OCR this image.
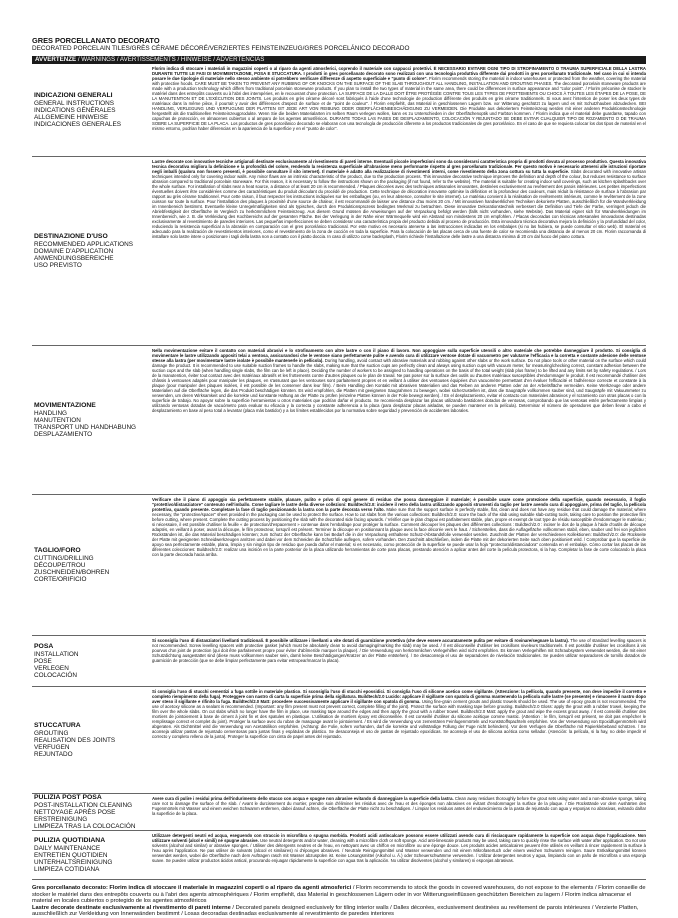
GRES PORCELLANATO DECORATO
DECORATED PORCELAIN TILES/GRÈS CÉRAME DÉCORÉ/VERZIERTES FEINSTEINZEUG/GRES PORCELÁNICO DECORADO
AVVERTENZE / WARNINGS / AVERTISSEMENTS / HINWEISE / ADVERTENCIAS
INDICAZIONI GENERALI
GENERAL INSTRUCTIONS
INDICATIONS GÉNÉRALES
ALLGEMEINE HINWEISE
INDICACIONES GENERALES
Florim indica di stoccare i materiali in magazzini coperti o al riparo da agenti atmosferici, coprendo il materiale con cappucci protettivi. È NECESSARIO EVITARE OGNI TIPO DI STROFINAMENTO O TRAUMA SUPERFICIALE DELLA LASTRA DURANTE TUTTE LE FASI DI MOVIMENTAZIONE, POSA E STUCCATURA. I prodotti in gres porcellanato decorato sono realizzati con una tecnologia produttiva differente dai prodotti in gres porcellanato tradizionale. Nel caso in cui si intenda posare le due tipologie di materiale nello stesso ambiente si potrebbero verificare differenze di aspetto superficiale e "punto di colore". Florim recommends storing the material in indoor warehouses or protected from the weather, covering the material with protective hoods. CARE MUST BE TAKEN TO PREVENT ANY RUBBING OF OR KNOCKS ON THE SURFACE OF THE SLAB THROUGHOUT ALL HANDLING, INSTALLATION AND GROUTING PHASES. The decorated porcelain stoneware products are made with a production technology which differs from traditional porcelain stoneware products. If you plan to install the two types of material in the same area, there could be differences in surface appearance and "color point". / Florim préconise de stocker le matériel dans des entrepôts couverts ou à l'abri des intempéries, en le recouvrant d'une protection. LA SURFACE DE LA DALLE DOIT ÊTRE PROTÉGÉE CONTRE TOUS LES TYPES DE FROTTEMENTS OU CHOCS À TOUTES LES ÉTAPES DE LA POSE, DE LA MANUTENTION ET DE L'EXÉCUTION DES JOINTS. Les produits en grès cérame décoré sont fabriqués à l'aide d'une technologie de production différente des produits en grès cérame traditionnels. Si vous avez l'intention de poser les deux types de matériaux dans la même pièce, il pourrait y avoir des différences d'aspect de surface et de "point de couleur". / Florim empfiehlt, das Material in geschlossenen Lagern bzw. vor Witterung geschützt zu lagern und es mit Schutzhauben abzudecken. BEI HANDLING, VERLEGUNG UND VERFUGUNG DER PLATTEN IST JEDE ART VON REIBUNG ODER OBERFLÄCHENBESCHÄDIGUNG ZU VERMEIDEN. Die Produkte aus dekoriertem Feinsteinzeug werden mit einer anderen Produktionstechnologie hergestellt als die traditionellen Feinsteinzeugprodukte. Wenn Sie die beiden Materialarten im selben Raum verlegen wollen, kann es zu Unterschieden in der Oberflächenoptik und Farbton kommen. / Florim indica que el material debe guardarse, tapado con capuchas de protección, en almacenes cubiertos o al amparo de los agentes atmosféricos. DURANTE TODAS LAS FASES DE DESPLAZAMIENTO, COLOCACIÓN Y REJUNTADO SE DEBE EVITAR CUALQUIER TIPO DE ROZAMIENTO O DE TRAUMA SOBRE LA SUPERFICIE DE LA PLACA. Los productos de gres porcelánico decorado se elaboran con una tecnología de producción diferente a los productos tradicionales de gres porcelánico. En el caso de que se requiera colocar los dos tipos de material en el mismo entorno, podrían haber diferencias en la apariencia de la superficie y en el "punto de color".
DESTINAZIONE D'USO
RECOMMENDED APPLICATIONS
DOMAINE D'APPLICATION
ANWENDUNGSBEREICHE
USO PREVISTO
Lastre decorate con innovative tecniche artigianali destinate esclusivamente al rivestimento di pareti interne. Eventuali piccole imperfezioni sono da considerarsi caratteristica propria di prodotti dovuta al processo produttivo. Questa innovativa tecnica decorativa migliora la definizione e la profondità del colore, rendendo la resistenza superficiale all'abrasione meno performante rispetto al gres porcellanato tradizionale. Per questo motivo è necessario attenersi alle istruzioni riportate negli imballi (qualora non fossero presenti, è possibile consultare il sito internet). Il materiale è adatto alla realizzazione di rivestimenti interni, come rivestimento della zona cottura su tutta la superficie. Slabs decorated with innovative artisan techniques intended only for covering indoor walls. Any minor flaws are an intrinsic characteristic of the product, due to the production process. This innovative decorative technique improves the definition and depth of the colour, but reduces resistance to surface abrasion compared to traditional porcelain stoneware. For this reason, it is necessary to follow the instructions shown on the packaging (if not found, refer to the website). The material is suitable for creating indoor wall coverings, such as kitchen splashbacks over the whole surface. For installation of slabs near a heat source, a distance of at least 20 cm is recommended. / Plaques décorées avec des techniques artisanales innovantes, destinées exclusivement au revêtement des parois intérieures. Les petites imperfections éventuelles doivent être considérées comme des caractéristiques du produit découlant du procédé de production. Cette technique de décoration innovante optimise la définition et la profondeur des couleurs, mais réduit la résistance de surface à l'abrasion par rapport au grès cérame traditionnel. Pour cette raison, il faut respecter les instructions indiquées sur les emballages (ou, en leur absence, consulter le site internet). Le matériau convient à la réalisation de revêtements intérieurs, comme le revêtement de la zone cuisson sur toute la surface. Pour l'installation des plaques à proximité d'une source de chaleur, il est recommandé de laisser une distance d'au moins 20 cm. / Mit innovativen handwerklichen Techniken dekorierte Platten, ausschließlich für die Wandverkleidung im Innenbereich bestimmt. Eventuelle kleine Unregelmäßigkeiten sind als typisches, durch den Produktionsprozess bedingtes Merkmal zu betrachten. Diese innovative Dekorationstechnik verbessert die Definition und Tiefe der Farbe, verringert jedoch die Abriebfestigkeit der Oberfläche im Vergleich zu herkömmlichem Feinsteinzeug. Aus diesem Grund müssen die Anweisungen auf der Verpackung befolgt werden (falls nicht vorhanden, siehe Website). Das Material eignet sich für Wandverkleidungen im Innenbereich, wie z. B. die Verkleidung des Kochbereichs auf der gesamten Fläche. Bei der Verlegung in der Nähe einer Wärmequelle wird ein Abstand von mindestens 20 cm empfohlen. / Placas decoradas con técnicas artesanales innovadoras destinadas exclusivamente al revestimiento de paredes interiores. Las pequeñas imperfecciones se deben considerar una característica propia del producto debida al proceso de producción. Esta innovadora técnica decorativa mejora la definición y la profundidad del color, reduciendo la resistencia superficial a la abrasión en comparación con el gres porcelánico tradicional. Por este motivo es necesario atenerse a las instrucciones indicadas en los embalajes (si no las hubiera, se puede consultar el sitio web). El material es adecuado para la realización de revestimientos interiores, como el revestimiento de la zona de cocción en toda la superficie. Para la colocación de las placas cerca de una fuente de calor se recomienda una distancia de al menos 20 cm. Florim raccomanda di installare solo lastre intere o posizionare i tagli della lastra non a contatto con il piatto doccia. In caso di utilizzo come backsplash, Florim richiede l'installazione delle lastre a una distanza minima di 20 cm dal fuoco del piano cottura.
MOVIMENTAZIONE
HANDLING
MANUTENTION
TRANSPORT UND HANDHABUNG
DESPLAZAMIENTO
Nella movimentazione evitare il contatto con materiali abrasivi e lo strofinamento con altre lastre o con il piano di lavoro. Non appoggiare sulla superficie utensili o altro materiale che potrebbe danneggiare il prodotto. Si consiglia di movimentare le lastre utilizzando appositi telai a ventosa, assicurandosi che le ventose siano perfettamente pulite e avendo cura di utilizzare ventose dotate di vacuometro per valutarne l'efficacia e la corretta e costante adesione delle ventose stesse alla lastra (per movimentare lastre isolate è possibile mantenerle in pellicola). During handling, avoid contact with abrasive materials and rubbing against other slabs or the work surface. Do not place tools or other material on the surface which could damage the product. It is recommended to use suitable suction frames to handle the slabs, making sure that the suction cups are perfectly clean and always using suction cups with vacuum meter, for measuring/checking correct, constant adhesion between the suction cups and the slab (when handling single slabs, the film can be left in place). Deciding the number of workers to be assigned to handling operations on the basis of the total weight (slab plus frame) to be lifted and any limits set by safety regulations. / Lors de la manutention, éviter tout contact avec des matériaux abrasifs et les frottements contre d'autres plaques ou le plan de travail. Ne pas poser sur la surface des outils ou d'autres matériaux susceptibles d'endommager le produit. Il est recommandé d'utiliser des châssis à ventouses adaptés pour manipuler les plaques, en s'assurant que les ventouses sont parfaitement propres et en veillant à utiliser des ventouses équipées d'un vacuomètre permettant d'en évaluer l'efficacité et l'adhérence correcte et constante à la plaque (pour manipuler des plaques isolées, il est possible de les conserver dans leur film). / Beim Handling den Kontakt mit abrasiven Materialien und das Reiben an anderen Platten oder an der Arbeitsfläche vermeiden. Keine Werkzeuge oder andere Materialien auf die Oberfläche legen, die das Produkt beschädigen könnten. Es wird empfohlen, die Platten mit geeigneten Saugrahmen zu bewegen, wobei sicherzustellen ist, dass die Saugnäpfe vollkommen sauber sind, und Saugnäpfe mit Vakuummeter zu verwenden, um deren Wirksamkeit und die korrekte und konstante Haftung an der Platte zu prüfen (einzelne Platten können in der Folie bewegt werden). / En el desplazamiento, evitar el contacto con materiales abrasivos y el rozamiento con otras placas o con la superficie de trabajo. No apoyar sobre la superficie herramientas u otros materiales que podrían dañar el producto. Se recomienda desplazar las placas utilizando bastidores dotados de ventosas, comprobando que las ventosas estén perfectamente limpias y utilizando ventosas dotadas de vacuómetro para evaluar su eficacia y la correcta y constante adherencia a la placa (para desplazar placas aisladas, se pueden mantener en la película). Determinar el número de operadores que deben llevar a cabo el desplazamiento en base al peso total a levantar (placa más bastidor) y a los límites establecidos por la normativa sobre seguridad y prevención de accidentes laborales.
TAGLIO/FORO
CUTTING/DRILLING
DÉCOUPE/TROU
ZUSCHNEIDEN/BOHREN
CORTE/ORIFICIO
Verificare che il piano di appoggio sia perfettamente stabile, planare, pulito e privo di ogni genere di residuo che possa danneggiare il materiale; è possibile usare come protezione della superficie, quando necessario, il foglio "protettivo/distanziatore" contenuto nell'imballo. Come tagliare le lastre della diverse collezioni: Buildtech/2.0: incidere il retro della lastra utilizzando appositi strumenti da taglio per lastre avendo cura di appoggiare, prima del taglio, la pellicola protettiva, quando presente. Completare la fase di taglio posizionando la lastra con la parte decorata verso l'alto. Make sure that the support surface is perfectly stable, flat, clean and does not have any residue that could damage the material; where necessary, the "protective/spacer" sheet provided in the packaging can be used to protect the surface. How to cut slabs from the various collections: Buildtech/2.0: score the back of the slab using suitable slab-cutting tools, taking care to position the protective film before cutting, where present. Complete the cutting process by positioning the slab with the decorated side facing upwards. / Vérifier que le plan d'appui est parfaitement stable, plan, propre et exempt de tout type de résidu susceptible d'endommager le matériau ; si nécessaire, il est possible d'utiliser la feuille « de protection/d'espacement » contenue dans l'emballage pour protéger la surface. Comment découper les plaques des différentes collections : Buildtech/2.0 : inciser le dos de la plaque à l'aide d'outils de découpe adaptés, en veillant à poser, avant la découpe, le film protecteur, lorsqu'il est présent. Terminer la découpe en positionnant la plaque avec la face décorée vers le haut. / Sicherstellen, dass die Auflagefläche vollkommen stabil, eben, sauber und frei von jeglichen Rückständen ist, die das Material beschädigen könnten; zum Schutz der Oberfläche kann bei Bedarf die in der Verpackung enthaltene Schutz-/Abstandsfolie verwendet werden. Zuschnitt der Platten der verschiedenen Kollektionen: Buildtech/2.0: die Rückseite der Platte mit geeigneten Schneidwerkzeugen anritzen und dabei vor dem Schneiden die Schutzfolie auflegen, sofern vorhanden. Den Zuschnitt abschließen, indem die Platte mit der dekorierten Seite nach oben positioniert wird. / Comprobar que la superficie de apoyo sea perfectamente estable, plana, limpia y sin ningún tipo de residuo que pueda dañar el material; si es necesario, como protección de la superficie se puede usar la hoja "protectora/distanciadora" contenida en el embalaje. Cómo cortar las placas de las diferentes colecciones: Buildtech/2.0: realizar una incisión en la parte posterior de la placa utilizando herramientas de corte para placas, prestando atención a aplicar antes del corte la película protectora, si la hay. Completar la fase de corte colocando la placa con la parte decorada hacia arriba.
POSA
INSTALLATION
POSE
VERLEGEN
COLOCACIÓN
Si sconsiglia l'uso di distanziatori livellanti tradizionali. È possibile utilizzare i livellanti a vite dotati di guarnizione protettiva (che deve essere accuratamente pulita per evitare di rovinare/segnare la lastra). The use of standard levelling spacers is not recommended. Screw levelling spacers with protective gasket (which must be absolutely clean to avoid damaging/marking the slab) may be used. / Il est déconseillé d'utiliser les croisillons niveleurs traditionnels. Il est possible d'utiliser les croisillons à vis pourvus d'un joint de protection (qui doit être parfaitement propre pour éviter d'abîmer/de marquer la plaque). / Die Verwendung von herkömmlichen Verlegehilfen wird nicht empfohlen. Es können Verlegehilfen mit Schraubsystem verwendet werden, die mit einer Schutzdichtung ausgestattet sind (diese muss vollkommen sauber sein, damit keine Beschädigungen/Kratzer an der Platte entstehen). / Se desaconseja el uso de separadores de nivelación tradicionales. Se pueden utilizar separadores de tornillo dotados de guarnición de protección (que se debe limpiar perfectamente para evitar estropear/marcar la placa).
STUCCATURA
GROUTING
REALISATION DES JOINTS
VERFUGEN
REJUNTADO
Si consiglia l'uso di stucchi cementizi a fuga sottile in materiale plastico. Si sconsiglia l'uso di stucchi epossidici. Si consiglia l'uso di silicone acetico come sigillante. (Attenzione: la pellicola, quando presente, non deve impedire il corretto e completo riempimento della fuga). Proteggere con nastro di carta la superficie prima della sigillatura. Buildtech/2.0 Lucido: applicare il sigillante con spatola di gomma mantenendo la pellicola sulle lastre (se presente) e rimuovere il nastro dopo aver steso il sigillante e rifinito la fuga. Buildtech/2.0 Matt: procedere successivamente applicare il sigillante con spatola di gomma. Using fine-grain cement grouts and plastic trowels should be used. The use of epoxy grouts is not recommended. The use of acetoxy silicone as a sealant is recommended. (Important: any film present must not prevent correct, complete filling of the joint). Protect the surface with masking tape before grouting. Buildtech/2.0 Gloss: apply the grout with a rubber trowel, keeping the film over the whole slabs. On cut slabs which no longer have the film in place, use masking tape around the edges and then apply the grout with a rubber trowel. Buildtech/2.0 Matt: apply the grout and wipe the excess grout away. / Il est conseillé d'utiliser des mortiers de jointoiement à base de ciment à joint fin et des spatules en plastique. L'utilisation de mortiers époxy est déconseillée. Il est conseillé d'utiliser du silicone acétique comme mastic. (Attention : le film, lorsqu'il est présent, ne doit pas empêcher le remplissage correct et complet du joint). Protéger la surface avec du ruban de masquage avant le jointoiement. / Es wird die Verwendung von zementären Feinfugenmörteln und Kunststoffspachteln empfohlen. Von der Verwendung von Epoxidfugenmörteln wird abgeraten. Als Dichtmittel wird die Verwendung von Acetatsilikon empfohlen. (Achtung: die Folie, sofern vorhanden, darf die korrekte und vollständige Füllung der Fuge nicht behindern). Vor dem Verfugen die Oberfläche mit Papierklebeband schützen. / Se aconseja utilizar pastas de rejuntado cementosas para juntas finas y espátulas de plástico. Se desaconseja el uso de pastas de rejuntado epoxídicas. Se aconseja el uso de silicona acética como sellador. (Atención: la película, si la hay, no debe impedir el correcto y completo relleno de la junta). Proteger la superficie con cinta de papel antes del rejuntado.
PULIZIA POST POSA
POST-INSTALLATION CLEANING
NETTOYAGE APRÈS POSE
ERSTREINIGUNG
LIMPIEZA TRAS LA COLOCACIÓN
Avere cura di pulire i residui prima dell'indurimento dello stucco con acqua e spugne non abrasive evitando di danneggiare la superficie della lastra. Clean away residues thoroughly before the grout sets using water and a non-abrasive sponge, taking care not to damage the surface of the slab. / Avant le durcissement du mortier, prendre soin d'éliminer les résidus avec de l'eau et des éponges non abrasives en évitant d'endommager la surface de la plaque. / Die Rückstände vor dem Aushärten des Fugenmörtels mit Wasser und einem weichen Schwamm entfernen, dabei darauf achten, die Oberfläche der Platte nicht zu beschädigen. / Limpiar los residuos antes del endurecimiento de la pasta de rejuntado con agua y esponjas no abrasivas, evitando dañar la superficie de la placa.
PULIZIA QUOTIDIANA
DAILY MAINTENANCE
ENTRETIEN QUOTIDIEN
UNTERHALTSREINIGUNG
LIMPIEZA COTIDIANA
Utilizzare detergenti neutri ed acqua, eseguendo con straccio in microfibra o spugna morbida. Prodotti acidi antincalcare possono essere utilizzati avendo cura di risciacquare rapidamente la superficie con acqua dopo l'applicazione. Non utilizzare solventi (alcol e simili) né spugne abrasive. Use neutral detergents and/or water, cleaning with a microfibre cloth or soft sponge. Acid anti-limescale products may be used, taking care to quickly rinse the surface with water after application. Do not use solvents (alcohol and similar) or abrasive sponges. / Utiliser des détergents neutres et de l'eau, en nettoyant avec un chiffon en microfibre ou une éponge douce. Les produits acides anticalcaires peuvent être utilisés en veillant à rincer rapidement la surface à l'eau après l'application. Ne pas utiliser de solvants (alcool et similaires) ni d'éponges abrasives. / Neutrale Reinigungsmittel und Wasser verwenden und mit einem Mikrofasertuch oder einem weichen Schwamm reinigen. Saure Entkalkungsmittel können verwendet werden, wobei die Oberfläche nach dem Auftragen rasch mit Wasser abzuspülen ist. Keine Lösungsmittel (Alkohol u. Ä.) oder Scheuerschwämme verwenden. / Utilizar detergentes neutros y agua, limpiando con un paño de microfibra o una esponja suave. Se pueden utilizar productos ácidos antical, procurando enjuagar rápidamente la superficie con agua tras la aplicación. No utilizar disolventes (alcohol y similares) ni esponjas abrasivas.
Gres porcellanato decorato: Florim indica di stoccare il materiale in magazzini coperti o al riparo da agenti atmosferici / Florim recommends to stock the goods in covered warehouses, do not expose to the elements / Florim conseille de stocker le matériel dans des entrepôts couverts ou à l'abri des agents atmosphériques / Florim empfiehlt, das Material in geschlossenen Lägern oder in vor Witterungseinflüssen geschützten Bereichen zu lagern / Florim indica almacenar el material en locales cubiertos o protegido de los agentes atmosféricos
Lastre decorate destinate esclusivamente al rivestimento di pareti interne / Decorated panels designed exclusively for tiling interior walls / Dalles décorées, exclusivement destinées au revêtement de parois intérieures / Verzierte Platten, ausschließlich zur Verkleidung von Innenwänden bestimmt / Losas decoradas destinadas exclusivamente al revestimiento de paredes interiores
